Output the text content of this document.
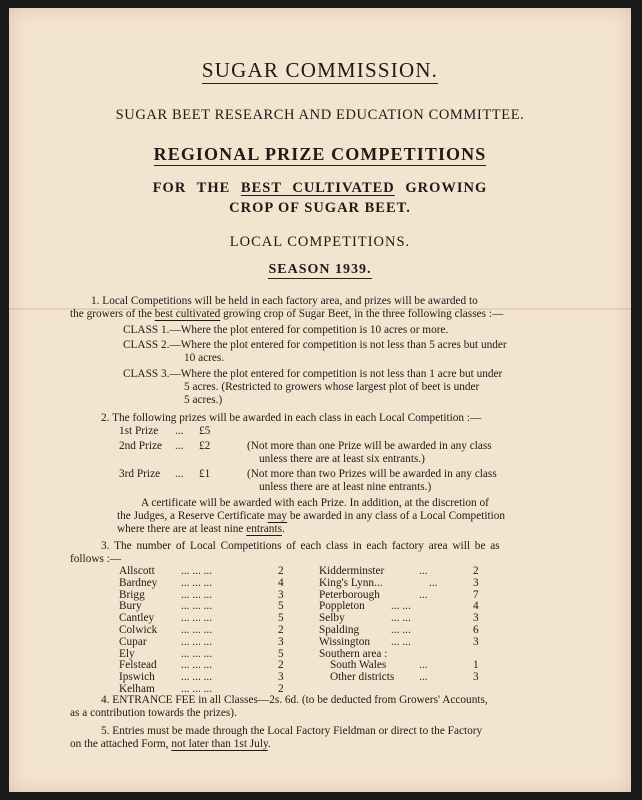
SUGAR COMMISSION.
SUGAR BEET RESEARCH AND EDUCATION COMMITTEE.
REGIONAL PRIZE COMPETITIONS
FOR THE BEST CULTIVATED GROWING
CROP OF SUGAR BEET.
LOCAL COMPETITIONS.
SEASON 1939.
1. Local Competitions will be held in each factory area, and prizes will be awarded to
the growers of the best cultivated growing crop of Sugar Beet, in the three following classes :—
CLASS 1.—Where the plot entered for competition is 10 acres or more.
CLASS 2.—Where the plot entered for competition is not less than 5 acres but under
10 acres.
CLASS 3.—Where the plot entered for competition is not less than 1 acre but under
5 acres. (Restricted to growers whose largest plot of beet is under
5 acres.)
2. The following prizes will be awarded in each class in each Local Competition :—
1st Prize ... £5
2nd Prize ... £2	(Not more than one Prize will be awarded in any class
unless there are at least six entrants.)
3rd Prize ... £1	(Not more than two Prizes will be awarded in any class
unless there are at least nine entrants.)
A certificate will be awarded with each Prize. In addition, at the discretion of
the Judges, a Reserve Certificate may be awarded in any class of a Local Competition
where there are at least nine entrants.
3. The number of Local Competitions of each class in each factory area will be as
follows :—
Allscott ... ... ...	2
Bardney ... ... ...	4
Brigg	... ... ...	3
Bury	... ... ...	5
Cantley ... ... ...	5
Colwick ... ... ...	2
Cupar	... ... ...	3
Ely	... ... ...	5
Felstead ... ... ...	2
Ipswich ... ... ...	3
Kelham ... ... ...	2
Kidderminster	...	2
King's Lynn...	...	3
Peterborough	...	7
Poppleton ... ...	4
Selby	... ...	3
Spalding	... ...	6
Wissington ... ...	3
Southern area :
South Wales	...	1
Other districts ...	3
4. ENTRANCE FEE in all Classes—2s. 6d. (to be deducted from Growers' Accounts,
as a contribution towards the prizes).
5. Entries must be made through the Local Factory Fieldman or direct to the Factory
on the attached Form, not later than 1st July.
